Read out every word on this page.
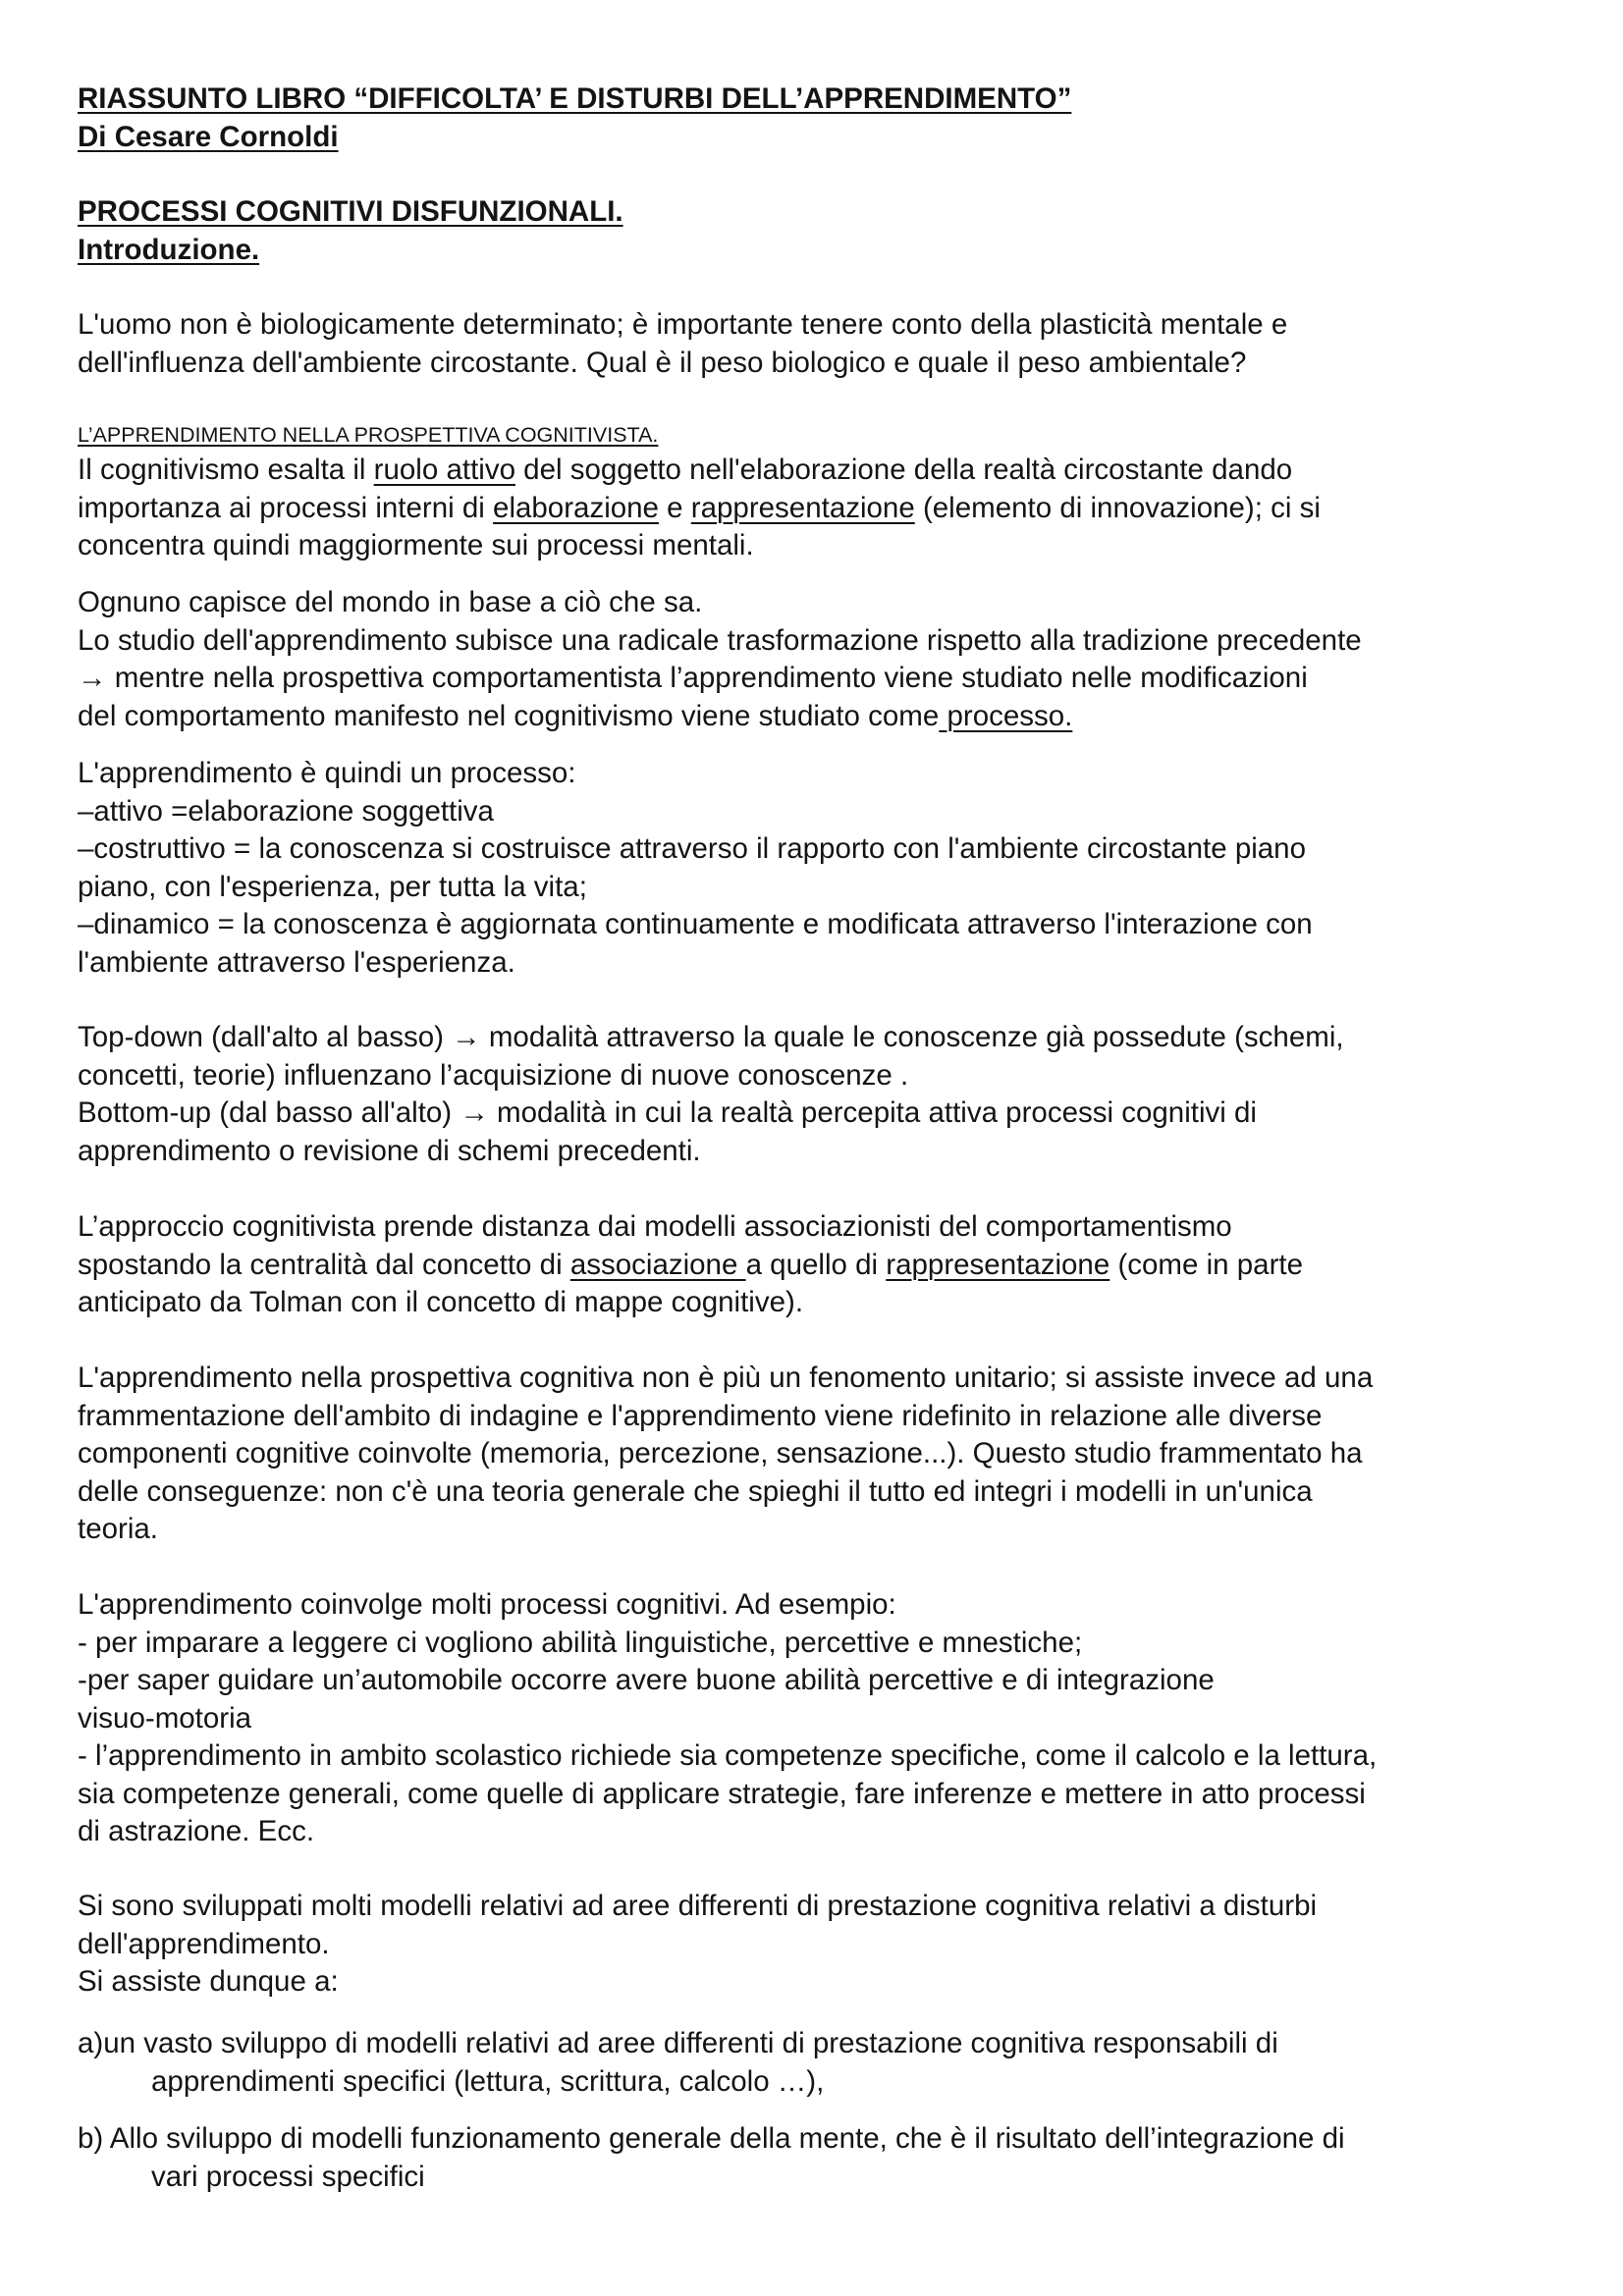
RIASSUNTO LIBRO “DIFFICOLTA’ E DISTURBI DELL’APPRENDIMENTO”
Di Cesare Cornoldi
PROCESSI COGNITIVI DISFUNZIONALI.
Introduzione.
L'uomo non è biologicamente determinato; è importante tenere conto della plasticità mentale e
dell'influenza dell'ambiente circostante. Qual è il peso biologico e quale il peso ambientale?
L’APPRENDIMENTO NELLA PROSPETTIVA COGNITIVISTA.
Il cognitivismo esalta il ruolo attivo del soggetto nell'elaborazione della realtà circostante dando
importanza ai processi interni di elaborazione e rappresentazione (elemento di innovazione); ci si
concentra quindi maggiormente sui processi mentali.
Ognuno capisce del mondo in base a ciò che sa.
Lo studio dell'apprendimento subisce una radicale trasformazione rispetto alla tradizione precedente
→ mentre nella prospettiva comportamentista l’apprendimento viene studiato nelle modificazioni
del comportamento manifesto nel cognitivismo viene studiato come processo.
L'apprendimento è quindi un processo:
–attivo =elaborazione soggettiva
–costruttivo = la conoscenza si costruisce attraverso il rapporto con l'ambiente circostante piano
piano, con l'esperienza, per tutta la vita;
–dinamico = la conoscenza è aggiornata continuamente e modificata attraverso l'interazione con
l'ambiente attraverso l'esperienza.
Top-down (dall'alto al basso) → modalità attraverso la quale le conoscenze già possedute (schemi,
concetti, teorie) influenzano l’acquisizione di nuove conoscenze .
Bottom-up (dal basso all'alto) → modalità in cui la realtà percepita attiva processi cognitivi di
apprendimento o revisione di schemi precedenti.
L’approccio cognitivista prende distanza dai modelli associazionisti del comportamentismo
spostando la centralità dal concetto di associazione a quello di rappresentazione (come in parte
anticipato da Tolman con il concetto di mappe cognitive).
L'apprendimento nella prospettiva cognitiva non è più un fenomento unitario; si assiste invece ad una
frammentazione dell'ambito di indagine e l'apprendimento viene ridefinito in relazione alle diverse
componenti cognitive coinvolte (memoria, percezione, sensazione...). Questo studio frammentato ha
delle conseguenze: non c'è una teoria generale che spieghi il tutto ed integri i modelli in un'unica
teoria.
L'apprendimento coinvolge molti processi cognitivi. Ad esempio:
- per imparare a leggere ci vogliono abilità linguistiche, percettive e mnestiche;
-per saper guidare un’automobile occorre avere buone abilità percettive e di integrazione
visuo-motoria
- l’apprendimento in ambito scolastico richiede sia competenze specifiche, come il calcolo e la lettura,
sia competenze generali, come quelle di applicare strategie, fare inferenze e mettere in atto processi
di astrazione. Ecc.
Si sono sviluppati molti modelli relativi ad aree differenti di prestazione cognitiva relativi a disturbi
dell'apprendimento.
Si assiste dunque a:
a)un vasto sviluppo di modelli relativi ad aree differenti di prestazione cognitiva responsabili di
apprendimenti specifici (lettura, scrittura, calcolo …),
b) Allo sviluppo di modelli funzionamento generale della mente, che è il risultato dell’integrazione di
vari processi specifici
